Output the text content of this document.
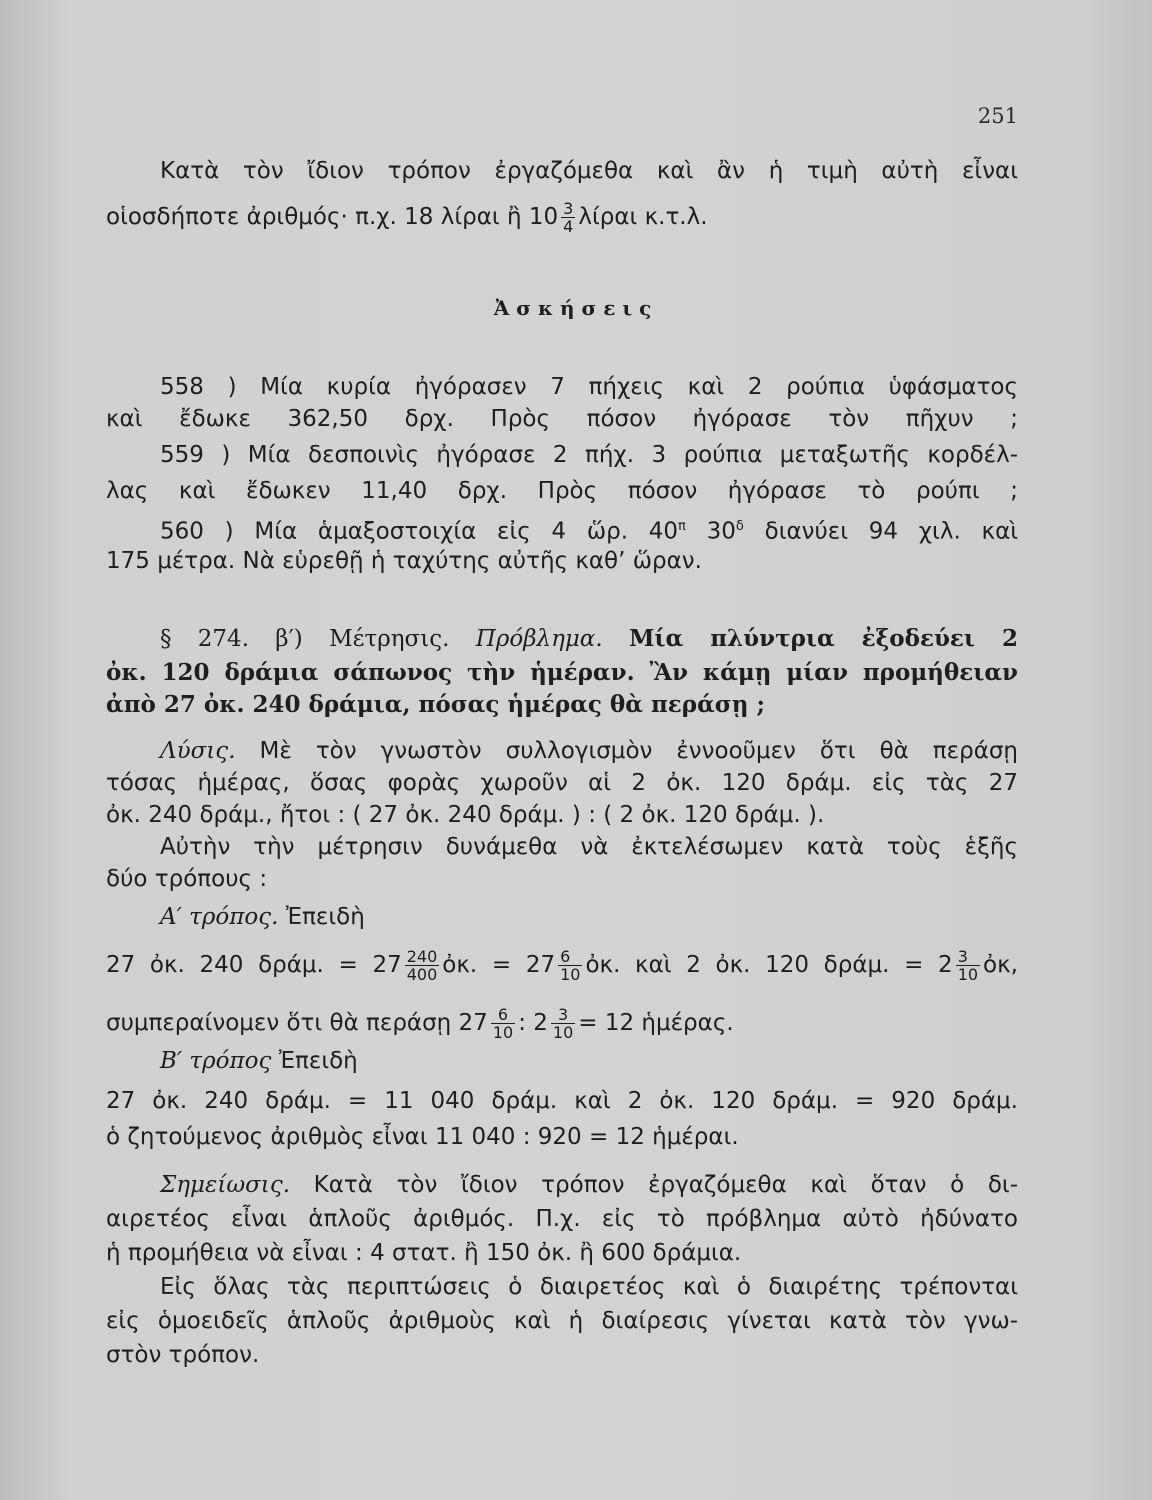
251
Κατὰ τὸν ἴδιον τρόπον ἐργαζόμεθα καὶ ἂν ἡ τιμὴ αὐτὴ εἶναι
οἱοσδήποτε ἀριθμός· π.χ. 18 λίραι ἢ $10 \frac{3}{4}$ λίραι κ.τ.λ.
Ἀσκήσεις
558 ) Μία κυρία ἠγόρασεν 7 πήχεις καὶ 2 ρούπια ὑφάσματος
καὶ ἔδωκε 362,50 δρχ. Πρὸς πόσον ἠγόρασε τὸν πῆχυν ;
559 ) Μία δεσποινὶς ἠγόρασε 2 πήχ. 3 ρούπια μεταξωτῆς κορδέλ-
λας καὶ ἔδωκεν 11,40 δρχ. Πρὸς πόσον ἠγόρασε τὸ ρούπι ;
560 ) Μία ἁμαξοστοιχία εἰς 4 ὥρ. $40^\pi$ $30^\delta$ διανύει 94 χιλ. καὶ
175 μέτρα. Νὰ εὑρεθῇ ἡ ταχύτης αὐτῆς καθ’ ὥραν.
§ 274. β′) Μέτρησις. Πρόβλημα. Μία πλύντρια ἐξοδεύει 2
ὀκ. 120 δράμια σάπωνος τὴν ἡμέραν. Ἂν κάμῃ μίαν προμήθειαν
ἀπὸ 27 ὀκ. 240 δράμια, πόσας ἡμέρας θὰ περάσῃ ;
Λύσις. Μὲ τὸν γνωστὸν συλλογισμὸν ἐννοοῦμεν ὅτι θὰ περάσῃ
τόσας ἡμέρας, ὅσας φορὰς χωροῦν αἱ 2 ὀκ. 120 δράμ. εἰς τὰς 27
ὀκ. 240 δράμ., ἤτοι : ( 27 ὀκ. 240 δράμ. ) : ( 2 ὀκ. 120 δράμ. ).
Αὐτὴν τὴν μέτρησιν δυνάμεθα νὰ ἐκτελέσωμεν κατὰ τοὺς ἑξῆς
δύο τρόπους :
Α′ τρόπος. Ἐπειδὴ
27 ὀκ. 240 δράμ. = $27 \frac{240}{400}$ ὀκ. = $27 \frac{6}{10}$ ὀκ. καὶ 2 ὀκ. 120 δράμ. = $2 \frac{3}{10}$ ὀκ,
συμπεραίνομεν ὅτι θὰ περάσῃ $27 \frac{6}{10}$ : $2 \frac{3}{10} = 12$ ἡμέρας.
Β′ τρόπος Ἐπειδὴ
27 ὀκ. 240 δράμ. = 11 040 δράμ. καὶ 2 ὀκ. 120 δράμ. = 920 δράμ.
ὁ ζητούμενος ἀριθμὸς εἶναι 11 040 : 920 = 12 ἡμέραι.
Σημείωσις. Κατὰ τὸν ἴδιον τρόπον ἐργαζόμεθα καὶ ὅταν ὁ δι-
αιρετέος εἶναι ἁπλοῦς ἀριθμός. Π.χ. εἰς τὸ πρόβλημα αὐτὸ ἠδύνατο
ἡ προμήθεια νὰ εἶναι : 4 στατ. ἢ 150 ὀκ. ἢ 600 δράμια.
Εἰς ὅλας τὰς περιπτώσεις ὁ διαιρετέος καὶ ὁ διαιρέτης τρέπονται
εἰς ὁμοειδεῖς ἁπλοῦς ἀριθμοὺς καὶ ἡ διαίρεσις γίνεται κατὰ τὸν γνω-
στὸν τρόπον.
